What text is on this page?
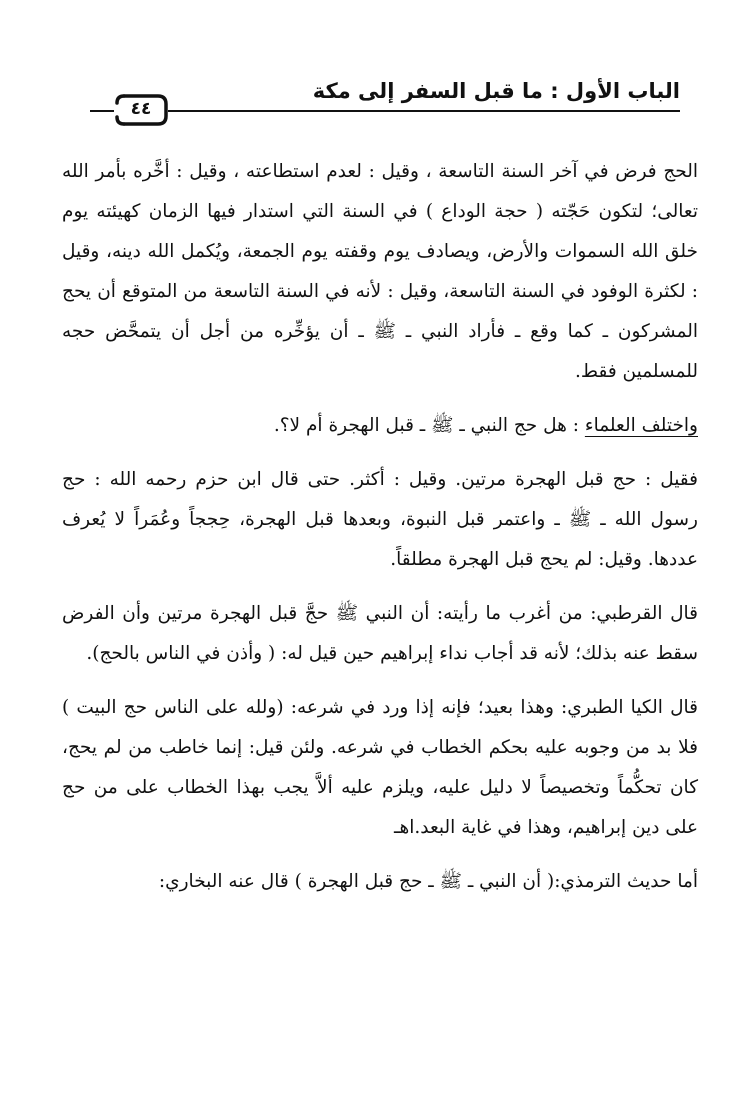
الباب الأول : ما قبل السفر إلى مكة
٤٤

الحج فرض في آخر السنة التاسعة ، وقيل : لعدم استطاعته ، وقيل : أخَّره بأمر الله تعالى؛ لتكون حَجّته ( حجة الوداع ) في السنة التي استدار فيها الزمان كهيئته يوم خلق الله السموات والأرض، ويصادف يوم وقفته يوم الجمعة، ويُكمل الله دينه، وقيل : لكثرة الوفود في السنة التاسعة، وقيل : لأنه في السنة التاسعة من المتوقع أن يحج المشركون ـ كما وقع ـ فأراد النبي ـ ﷺ ـ أن يؤخِّره من أجل أن يتمحَّض حجه للمسلمين فقط.

واختلف العلماء : هل حج النبي ـ ﷺ ـ قبل الهجرة أم لا؟.

فقيل : حج قبل الهجرة مرتين. وقيل : أكثر. حتى قال ابن حزم رحمه الله : حج رسول الله ـ ﷺ ـ واعتمر قبل النبوة، وبعدها قبل الهجرة، حِججاً وعُمَراً لا يُعرف عددها. وقيل: لم يحج قبل الهجرة مطلقاً.

قال القرطبي: من أغرب ما رأيته: أن النبي ﷺ حجَّ قبل الهجرة مرتين وأن الفرض سقط عنه بذلك؛ لأنه قد أجاب نداء إبراهيم حين قيل له: ( وأذن في الناس بالحج).

قال الكيا الطبري: وهذا بعيد؛ فإنه إذا ورد في شرعه: (ولله على الناس حج البيت ) فلا بد من وجوبه عليه بحكم الخطاب في شرعه. ولئن قيل: إنما خاطب من لم يحج، كان تحكُّماً وتخصيصاً لا دليل عليه، ويلزم عليه ألاَّ يجب بهذا الخطاب على من حج على دين إبراهيم، وهذا في غاية البعد.اهـ

أما حديث الترمذي:( أن النبي ـ ﷺ ـ حج قبل الهجرة ) قال عنه البخاري:
